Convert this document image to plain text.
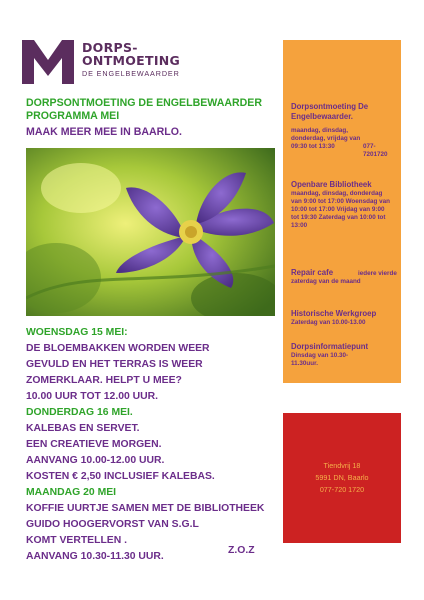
DORPS-
ONTMOETING
DE ENGELBEWAARDER
DORPSONTMOETING DE ENGELBEWAARDER
PROGRAMMA MEI
MAAK MEER MEE IN BAARLO.
WOENSDAG 15 MEI:
DE BLOEMBAKKEN WORDEN WEER
GEVULD EN HET TERRAS IS WEER
ZOMERKLAAR. HELPT U MEE?
10.00 UUR TOT 12.00 UUR.
DONDERDAG 16 MEI.
KALEBAS EN SERVET.
EEN CREATIEVE MORGEN.
AANVANG 10.00-12.00 UUR.
KOSTEN € 2,50 INCLUSIEF KALEBAS.
MAANDAG 20 MEI
KOFFIE UURTJE SAMEN MET DE BIBLIOTHEEK
GUIDO HOOGERVORST VAN S.G.L
KOMT VERTELLEN .
AANVANG 10.30-11.30 UUR.
Z.O.Z
Dorpsontmoeting De Engelbewaarder.
maandag, dinsdag, donderdag, vrijdag van 09:30 tot 13:30	077-7201720
Openbare Bibliotheek
maandag, dinsdag, donderdag van 9:00 tot 17:00 Woensdag van 10:00 tot 17:00 Vrijdag van 9:00 tot 19:30 Zaterdag van 10:00 tot 13:00
Repair cafe	iedere vierde zaterdag van de maand
Historische Werkgroep
Zaterdag van 10.00-13.00
Dorpsinformatiepunt
Dinsdag van 10.30-11.30uur.
Tiendvrij 18
5991 DN, Baarlo
077-720 1720
